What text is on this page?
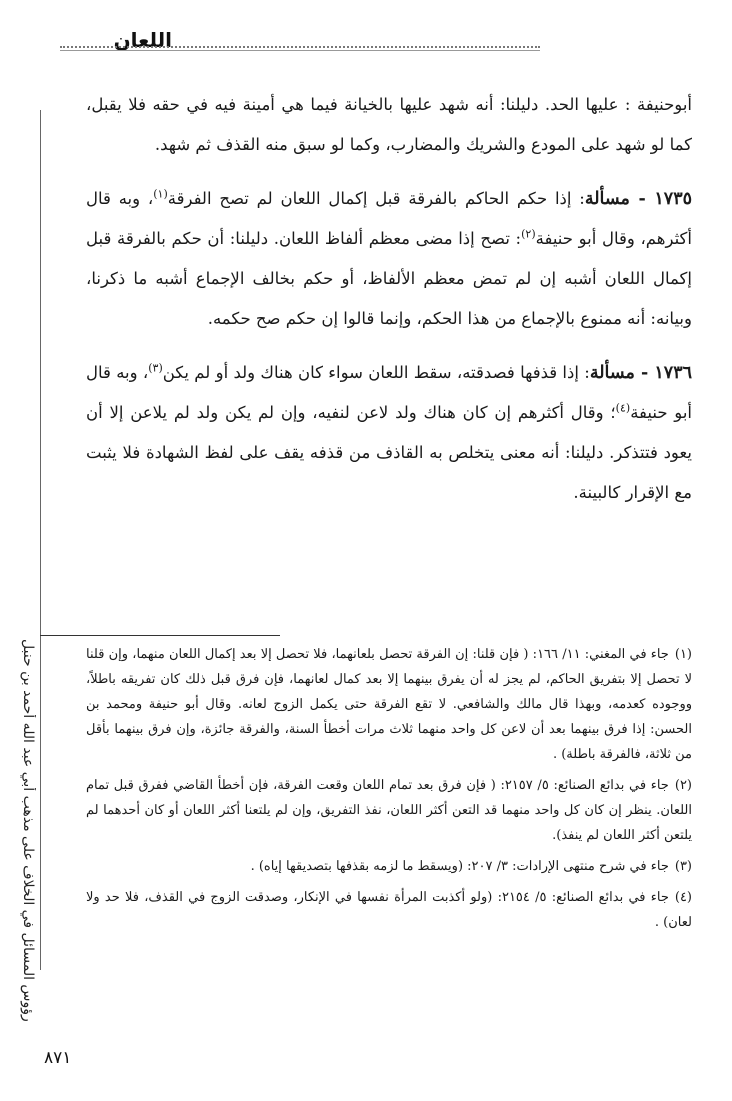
اللعان
رؤوس المسائل في الخلاف على مذهب أبي عبد الله أحمد بن حنبل

أبوحنيفة : عليها الحد. دليلنا: أنه شهد عليها بالخيانة فيما هي أمينة فيه في حقه فلا يقبل، كما لو شهد على المودع والشريك والمضارب، وكما لو سبق منه القذف ثم شهد.

١٧٣٥ - مسألة: إذا حكم الحاكم بالفرقة قبل إكمال اللعان لم تصح الفرقة$^{(١)}$، وبه قال أكثرهم، وقال أبو حنيفة$^{(٢)}$: تصح إذا مضى معظم ألفاظ اللعان. دليلنا: أن حكم بالفرقة قبل إكمال اللعان أشبه إن لم تمض معظم الألفاظ، أو حكم بخالف الإجماع أشبه ما ذكرنا، وبيانه: أنه ممنوع بالإجماع من هذا الحكم، وإنما قالوا إن حكم صح حكمه.

١٧٣٦ - مسألة: إذا قذفها فصدقته، سقط اللعان سواء كان هناك ولد أو لم يكن$^{(٣)}$، وبه قال أبو حنيفة$^{(٤)}$؛ وقال أكثرهم إن كان هناك ولد لاعن لنفيه، وإن لم يكن ولد لم يلاعن إلا أن يعود فتتذكر. دليلنا: أنه معنى يتخلص به القاذف من قذفه يقف على لفظ الشهادة فلا يثبت مع الإقرار كالبينة.

(١)جاء في المغني: ١١/ ١٦٦: ( فإن قلنا: إن الفرقة تحصل بلعانهما، فلا تحصل إلا بعد إكمال اللعان منهما، وإن قلنا لا تحصل إلا بتفريق الحاكم، لم يجز له أن يفرق بينهما إلا بعد كمال لعانهما، فإن فرق قبل ذلك كان تفريقه باطلاً، ووجوده كعدمه، وبهذا قال مالك والشافعي. لا تقع الفرقة حتى يكمل الزوج لعانه. وقال أبو حنيفة ومحمد بن الحسن: إذا فرق بينهما بعد أن لاعن كل واحد منهما ثلاث مرات أخطأ السنة، والفرقة جائزة، وإن فرق بينهما بأقل من ثلاثة، فالفرقة باطلة) .

(٢)جاء في بدائع الصنائع: ٥/ ٢١٥٧: ( فإن فرق بعد تمام اللعان وقعت الفرقة، فإن أخطأ القاضي ففرق قبل تمام اللعان. ينظر إن كان كل واحد منهما قد التعن أكثر اللعان، نفذ التفريق، وإن لم يلتعنا أكثر اللعان أو كان أحدهما لم يلتعن أكثر اللعان لم ينفذ).

(٣)جاء في شرح منتهى الإرادات: ٣/ ٢٠٧: (ويسقط ما لزمه بقذفها بتصديقها إياه) .

(٤)جاء في بدائع الصنائع: ٥/ ٢١٥٤: (ولو أكذبت المرأة نفسها في الإنكار، وصدقت الزوج في القذف، فلا حد ولا لعان) .

٨٧١
